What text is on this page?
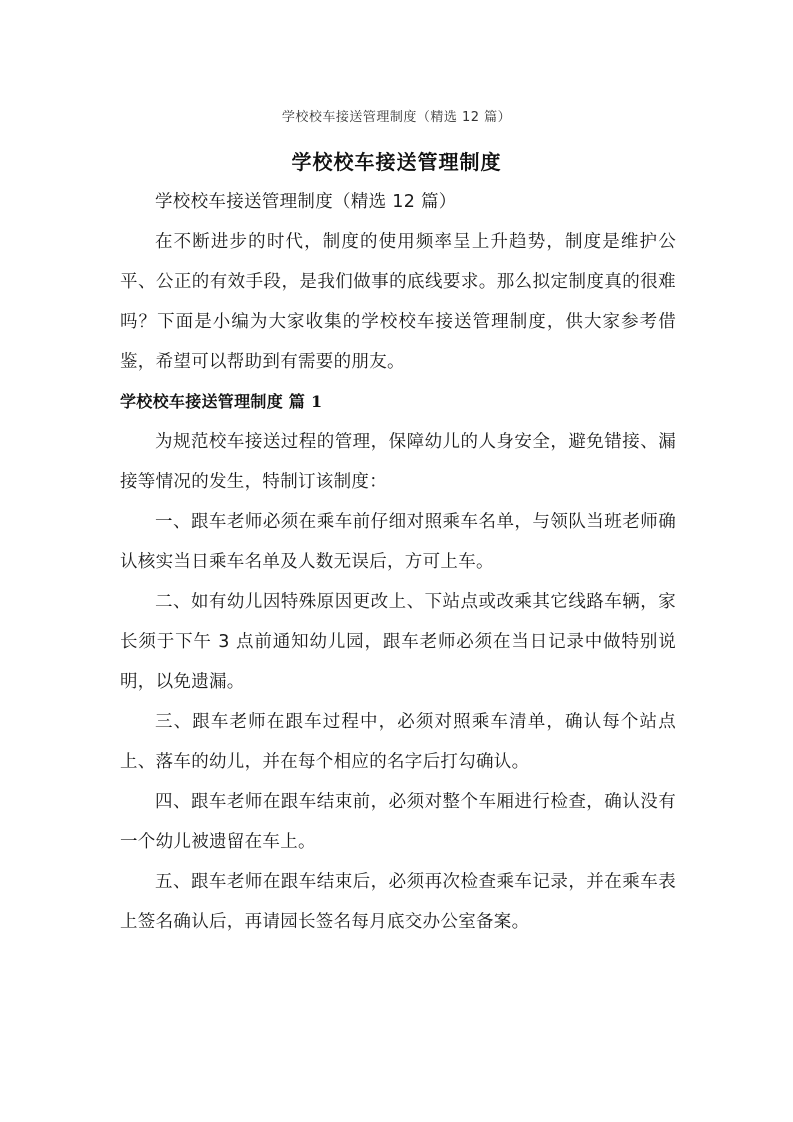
学校校车接送管理制度（精选 12 篇）
学校校车接送管理制度

学校校车接送管理制度（精选 12 篇）

在不断进步的时代，制度的使用频率呈上升趋势，制度是维护公平、公正的有效手段，是我们做事的底线要求。那么拟定制度真的很难吗？下面是小编为大家收集的学校校车接送管理制度，供大家参考借鉴，希望可以帮助到有需要的朋友。

学校校车接送管理制度 篇 1

为规范校车接送过程的管理，保障幼儿的人身安全，避免错接、漏接等情况的发生，特制订该制度：

一、跟车老师必须在乘车前仔细对照乘车名单，与领队当班老师确认核实当日乘车名单及人数无误后，方可上车。

二、如有幼儿因特殊原因更改上、下站点或改乘其它线路车辆，家长须于下午 3 点前通知幼儿园，跟车老师必须在当日记录中做特别说明，以免遗漏。

三、跟车老师在跟车过程中，必须对照乘车清单，确认每个站点上、落车的幼儿，并在每个相应的名字后打勾确认。

四、跟车老师在跟车结束前，必须对整个车厢进行检查，确认没有一个幼儿被遗留在车上。

五、跟车老师在跟车结束后，必须再次检查乘车记录，并在乘车表上签名确认后，再请园长签名每月底交办公室备案。
